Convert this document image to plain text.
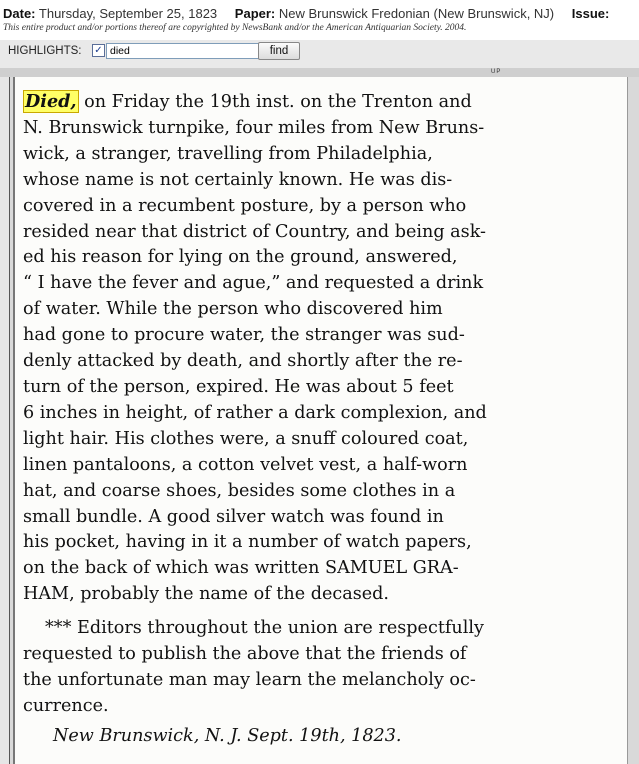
Date: Thursday, September 25, 1823 Paper: New Brunswick Fredonian (New Brunswick, NJ) Issue:
This entire product and/or portions thereof are copyrighted by NewsBank and/or the American Antiquarian Society. 2004.
HIGHLIGHTS: ✓
died	find
UP
Died, on Friday the 19th inst. on the Trenton and
N. Brunswick turnpike, four miles from New Bruns-
wick, a stranger, travelling from Philadelphia,
whose name is not certainly known. He was dis-
covered in a recumbent posture, by a person who
resided near that district of Country, and being ask-
ed his reason for lying on the ground, answered,
“ I have the fever and ague,” and requested a drink
of water. While the person who discovered him
had gone to procure water, the stranger was sud-
denly attacked by death, and shortly after the re-
turn of the person, expired. He was about 5 feet
6 inches in height, of rather a dark complexion, and
light hair. His clothes were, a snuff coloured coat,
linen pantaloons, a cotton velvet vest, a half-worn
hat, and coarse shoes, besides some clothes in a
small bundle. A good silver watch was found in
his pocket, having in it a number of watch papers,
on the back of which was written SAMUEL GRA-
HAM, probably the name of the decased.
*⁠*⁠* Editors throughout the union are respectfully
requested to publish the above that the friends of
the unfortunate man may learn the melancholy oc-
currence.
New Brunswick, N. J. Sept. 19th, 1823.
